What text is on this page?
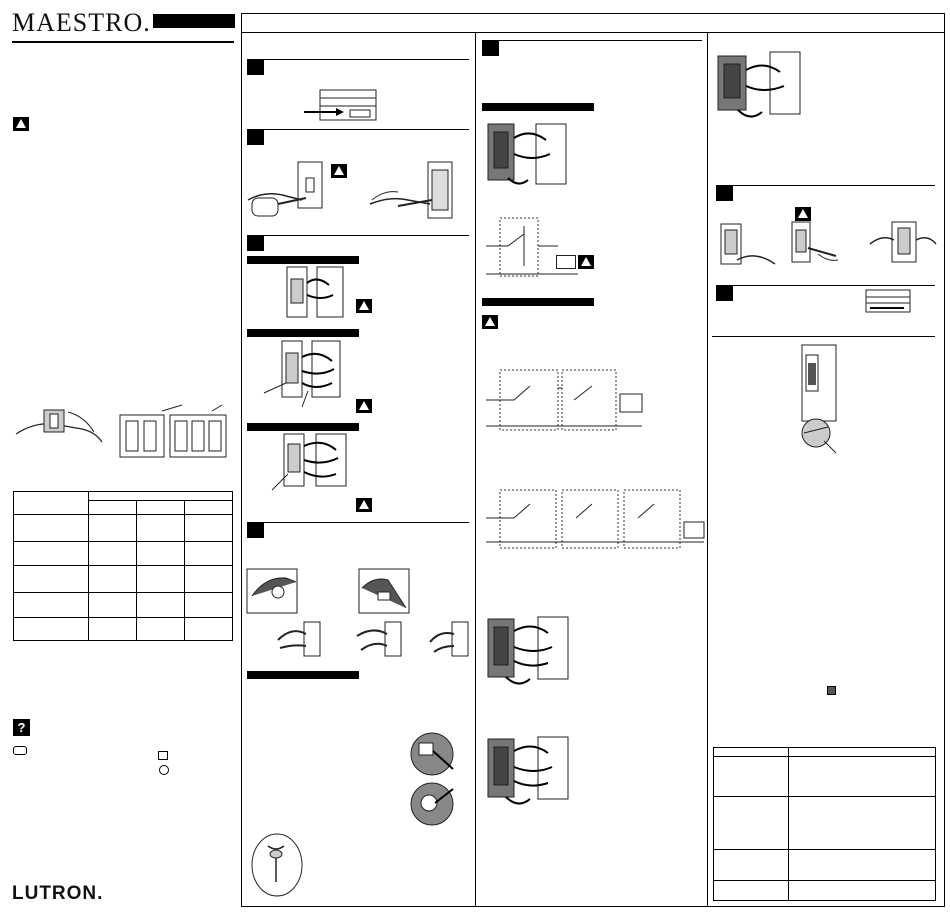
MAESTRO.

?
LUTRON.
